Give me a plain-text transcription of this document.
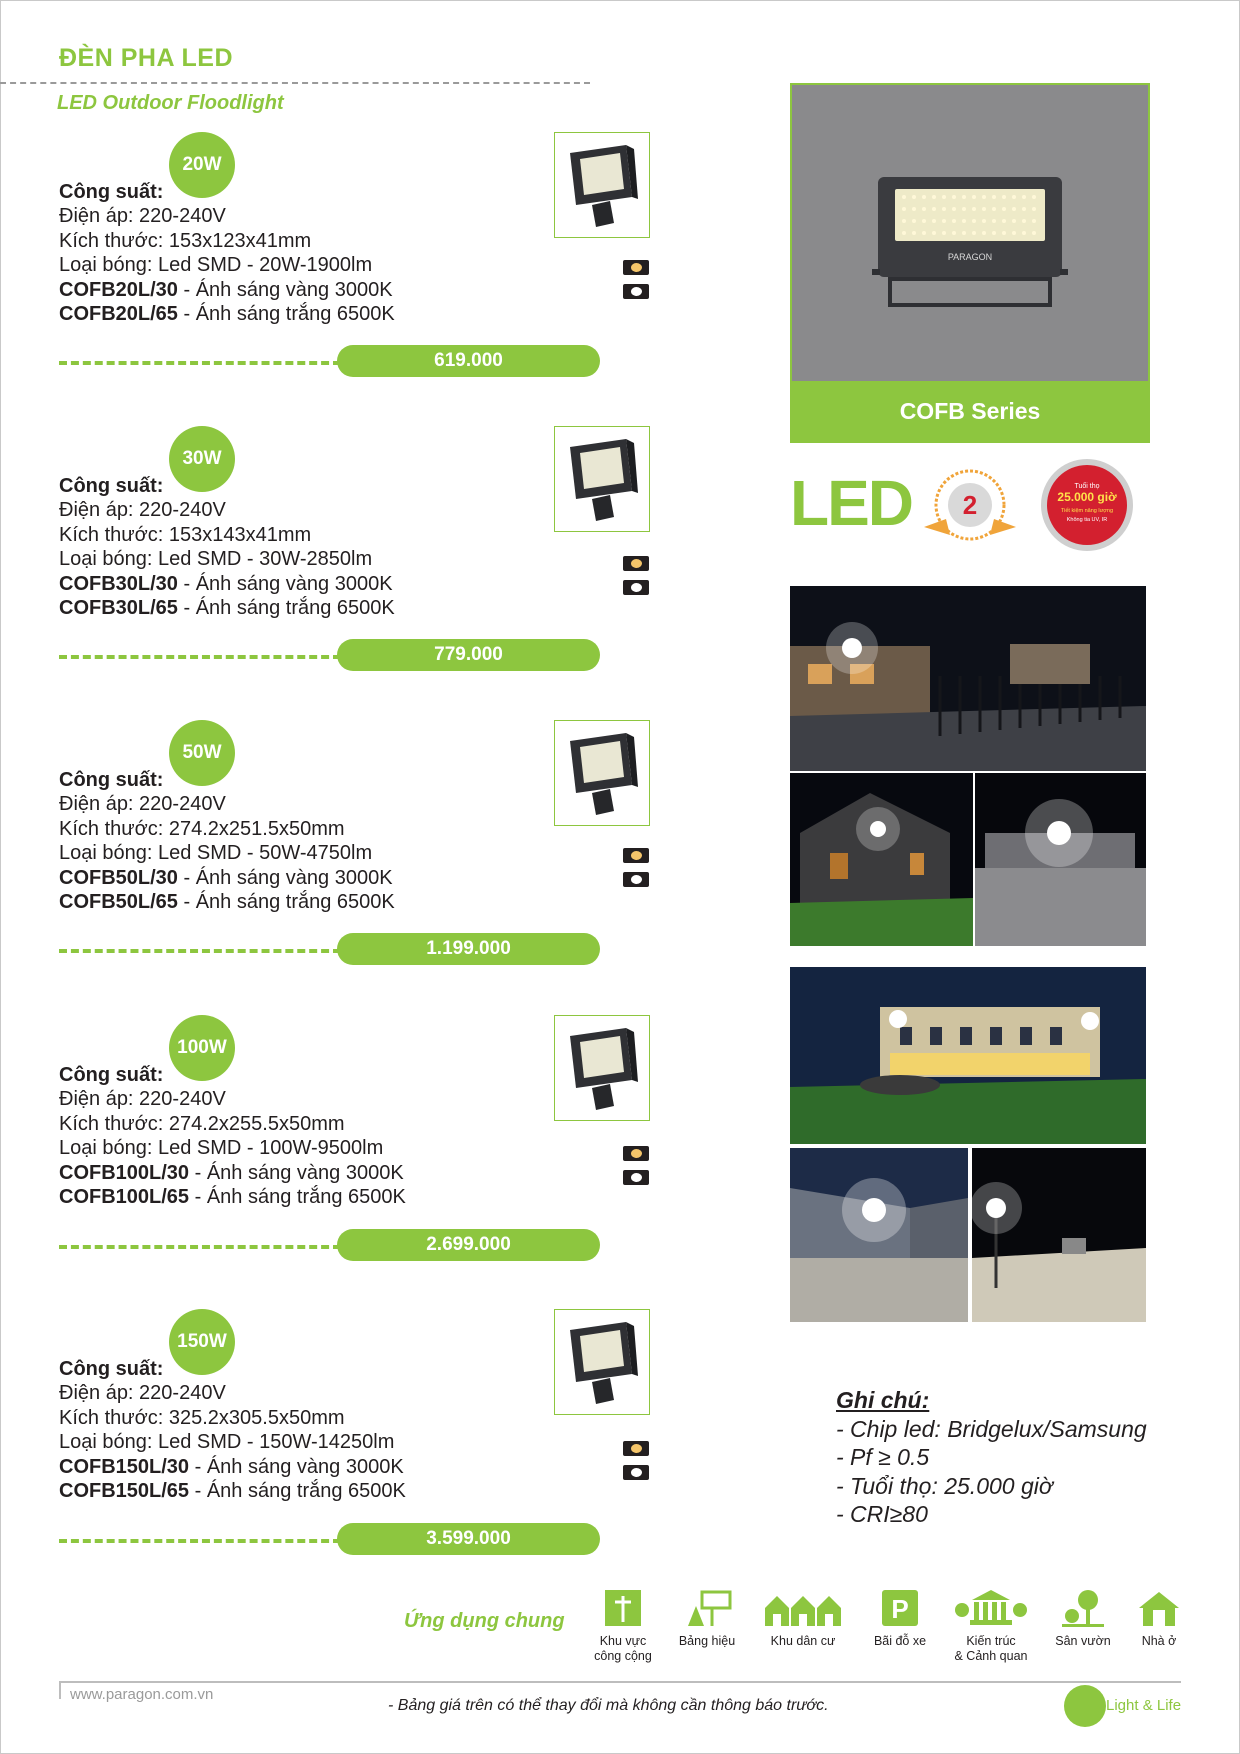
ĐÈN PHA LED
LED Outdoor Floodlight
20W
Công suất:
Điện áp: 220-240V
Kích thước: 153x123x41mm
Loại bóng: Led SMD - 20W-1900lm
COFB20L/30 - Ánh sáng vàng 3000K
COFB20L/65 - Ánh sáng trắng 6500K
619.000
30W
Công suất:
Điện áp: 220-240V
Kích thước: 153x143x41mm
Loại bóng: Led SMD - 30W-2850lm
COFB30L/30 - Ánh sáng vàng 3000K
COFB30L/65 - Ánh sáng trắng 6500K
779.000
50W
Công suất:
Điện áp: 220-240V
Kích thước: 274.2x251.5x50mm
Loại bóng: Led SMD - 50W-4750lm
COFB50L/30 - Ánh sáng vàng 3000K
COFB50L/65 - Ánh sáng trắng 6500K
1.199.000
100W
Công suất:
Điện áp: 220-240V
Kích thước: 274.2x255.5x50mm
Loại bóng: Led SMD - 100W-9500lm
COFB100L/30 - Ánh sáng vàng 3000K
COFB100L/65 - Ánh sáng trắng 6500K
2.699.000
150W
Công suất:
Điện áp: 220-240V
Kích thước: 325.2x305.5x50mm
Loại bóng: Led SMD - 150W-14250lm
COFB150L/30 - Ánh sáng vàng 3000K
COFB150L/65 - Ánh sáng trắng 6500K
3.599.000
PARAGON
COFB Series
LED 2
Tuổi thọ
25.000 giờ
Tiết kiệm năng lượng
Không tia UV, IR
Ghi chú:
- Chip led: Bridgelux/Samsung
- Pf ≥ 0.5
- Tuổi thọ: 25.000 giờ
- CRI≥80
Ứng dụng chung
Khu vực
công cộng
Bảng hiệu	Khu dân cư
P
Bãi đỗ xe	Kiến trúc
& Cảnh quan
Sân vườn	Nhà ở
www.paragon.com.vn
- Bảng giá trên có thể thay đổi mà không cần thông báo trước.	Light & Life
